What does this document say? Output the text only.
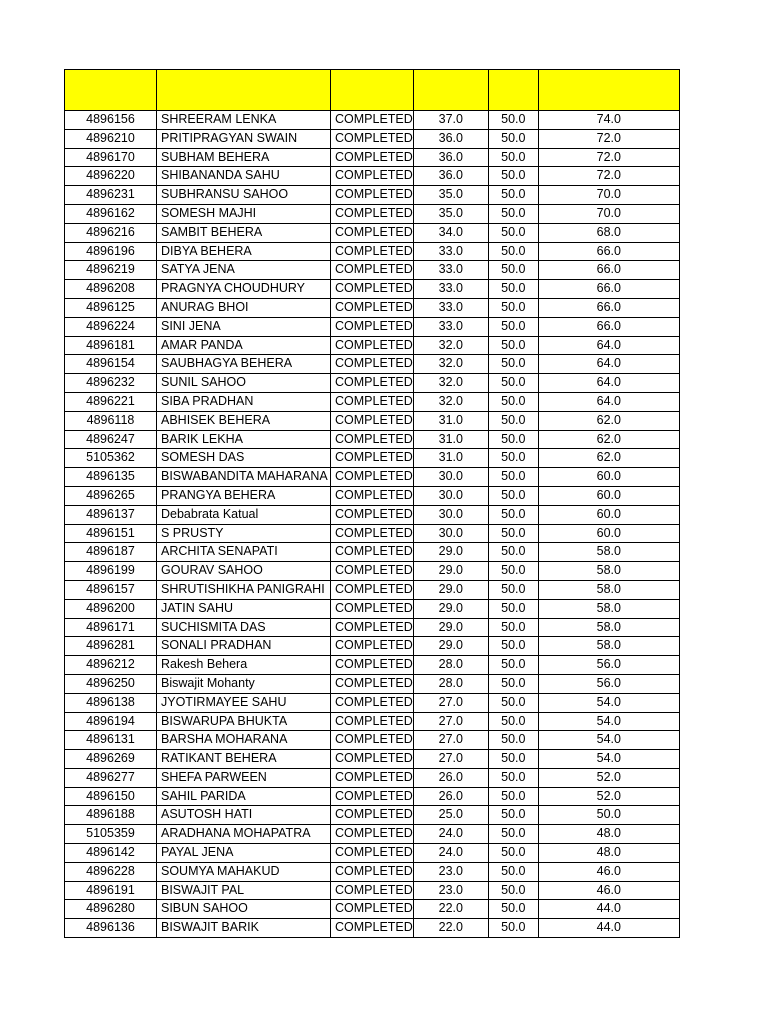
4896156	SHREERAM LENKA	COMPLETED	37.0	50.0	74.0
4896210	PRITIPRAGYAN SWAIN	COMPLETED	36.0	50.0	72.0
4896170	SUBHAM BEHERA	COMPLETED	36.0	50.0	72.0
4896220	SHIBANANDA SAHU	COMPLETED	36.0	50.0	72.0
4896231	SUBHRANSU SAHOO	COMPLETED	35.0	50.0	70.0
4896162	SOMESH MAJHI	COMPLETED	35.0	50.0	70.0
4896216	SAMBIT BEHERA	COMPLETED	34.0	50.0	68.0
4896196	DIBYA BEHERA	COMPLETED	33.0	50.0	66.0
4896219	SATYA JENA	COMPLETED	33.0	50.0	66.0
4896208	PRAGNYA CHOUDHURY	COMPLETED	33.0	50.0	66.0
4896125	ANURAG BHOI	COMPLETED	33.0	50.0	66.0
4896224	SINI JENA	COMPLETED	33.0	50.0	66.0
4896181	AMAR PANDA	COMPLETED	32.0	50.0	64.0
4896154	SAUBHAGYA BEHERA	COMPLETED	32.0	50.0	64.0
4896232	SUNIL SAHOO	COMPLETED	32.0	50.0	64.0
4896221	SIBA PRADHAN	COMPLETED	32.0	50.0	64.0
4896118	ABHISEK BEHERA	COMPLETED	31.0	50.0	62.0
4896247	BARIK LEKHA	COMPLETED	31.0	50.0	62.0
5105362	SOMESH DAS	COMPLETED	31.0	50.0	62.0
4896135	BISWABANDITA MAHARANA	COMPLETED	30.0	50.0	60.0
4896265	PRANGYA BEHERA	COMPLETED	30.0	50.0	60.0
4896137	Debabrata Katual	COMPLETED	30.0	50.0	60.0
4896151	S PRUSTY	COMPLETED	30.0	50.0	60.0
4896187	ARCHITA SENAPATI	COMPLETED	29.0	50.0	58.0
4896199	GOURAV SAHOO	COMPLETED	29.0	50.0	58.0
4896157	SHRUTISHIKHA PANIGRAHI	COMPLETED	29.0	50.0	58.0
4896200	JATIN SAHU	COMPLETED	29.0	50.0	58.0
4896171	SUCHISMITA DAS	COMPLETED	29.0	50.0	58.0
4896281	SONALI PRADHAN	COMPLETED	29.0	50.0	58.0
4896212	Rakesh Behera	COMPLETED	28.0	50.0	56.0
4896250	Biswajit Mohanty	COMPLETED	28.0	50.0	56.0
4896138	JYOTIRMAYEE SAHU	COMPLETED	27.0	50.0	54.0
4896194	BISWARUPA BHUKTA	COMPLETED	27.0	50.0	54.0
4896131	BARSHA MOHARANA	COMPLETED	27.0	50.0	54.0
4896269	RATIKANT BEHERA	COMPLETED	27.0	50.0	54.0
4896277	SHEFA PARWEEN	COMPLETED	26.0	50.0	52.0
4896150	SAHIL PARIDA	COMPLETED	26.0	50.0	52.0
4896188	ASUTOSH HATI	COMPLETED	25.0	50.0	50.0
5105359	ARADHANA MOHAPATRA	COMPLETED	24.0	50.0	48.0
4896142	PAYAL JENA	COMPLETED	24.0	50.0	48.0
4896228	SOUMYA MAHAKUD	COMPLETED	23.0	50.0	46.0
4896191	BISWAJIT PAL	COMPLETED	23.0	50.0	46.0
4896280	SIBUN SAHOO	COMPLETED	22.0	50.0	44.0
4896136	BISWAJIT BARIK	COMPLETED	22.0	50.0	44.0
